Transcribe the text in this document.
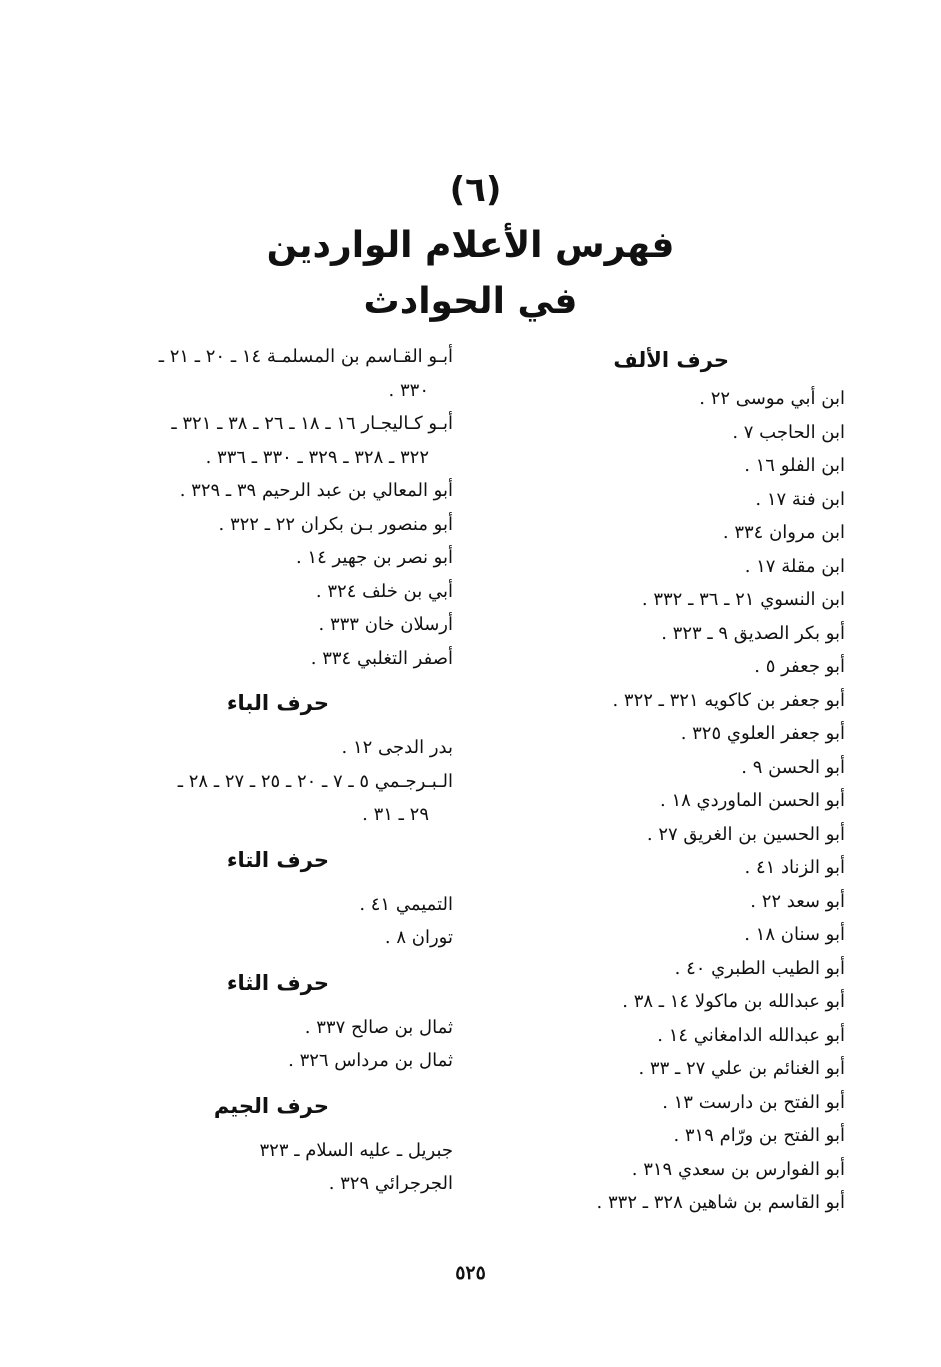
(٦)
فهرس الأعلام الواردين
في الحوادث
حرف الألف
ابن أبي موسى ٢٢ .
ابن الحاجب ٧ .
ابن الفلو ١٦ .
ابن فنة ١٧ .
ابن مروان ٣٣٤ .
ابن مقلة ١٧ .
ابن النسوي ٢١ ـ ٣٦ ـ ٣٣٢ .
أبو بكر الصديق ٩ ـ ٣٢٣ .
أبو جعفر ٥ .
أبو جعفر بن كاكويه ٣٢١ ـ ٣٢٢ .
أبو جعفر العلوي ٣٢٥ .
أبو الحسن ٩ .
أبو الحسن الماوردي ١٨ .
أبو الحسين بن الغريق ٢٧ .
أبو الزناد ٤١ .
أبو سعد ٢٢ .
أبو سنان ١٨ .
أبو الطيب الطبري ٤٠ .
أبو عبدالله بن ماكولا ١٤ ـ ٣٨ .
أبو عبدالله الدامغاني ١٤ .
أبو الغنائم بن علي ٢٧ ـ ٣٣ .
أبو الفتح بن دارست ١٣ .
أبو الفتح بن ورّام ٣١٩ .
أبو الفوارس بن سعدي ٣١٩ .
أبو القاسم بن شاهين ٣٢٨ ـ ٣٣٢ .
أبـو القـاسم بن المسلمـة ١٤ ـ ٢٠ ـ ٢١ ـ
٣٣٠ .
أبـو كـاليجـار ١٦ ـ ١٨ ـ ٢٦ ـ ٣٨ ـ ٣٢١ ـ
٣٢٢ ـ ٣٢٨ ـ ٣٢٩ ـ ٣٣٠ ـ ٣٣٦ .
أبو المعالي بن عبد الرحيم ٣٩ ـ ٣٢٩ .
أبو منصور بـن بكران ٢٢ ـ ٣٢٢ .
أبو نصر بن جهير ١٤ .
أبي بن خلف ٣٢٤ .
أرسلان خان ٣٣٣ .
أصفر التغلبي ٣٣٤ .
حرف الباء
بدر الدجى ١٢ .
الـبـرجـمي ٥ ـ ٧ ـ ٢٠ ـ ٢٥ ـ ٢٧ ـ ٢٨ ـ
٢٩ ـ ٣١ .
حرف التاء
التميمي ٤١ .
توران ٨ .
حرف الثاء
ثمال بن صالح ٣٣٧ .
ثمال بن مرداس ٣٢٦ .
حرف الجيم
جبريل ـ عليه السلام ـ ٣٢٣
الجرجرائي ٣٢٩ .
٥٢٥
